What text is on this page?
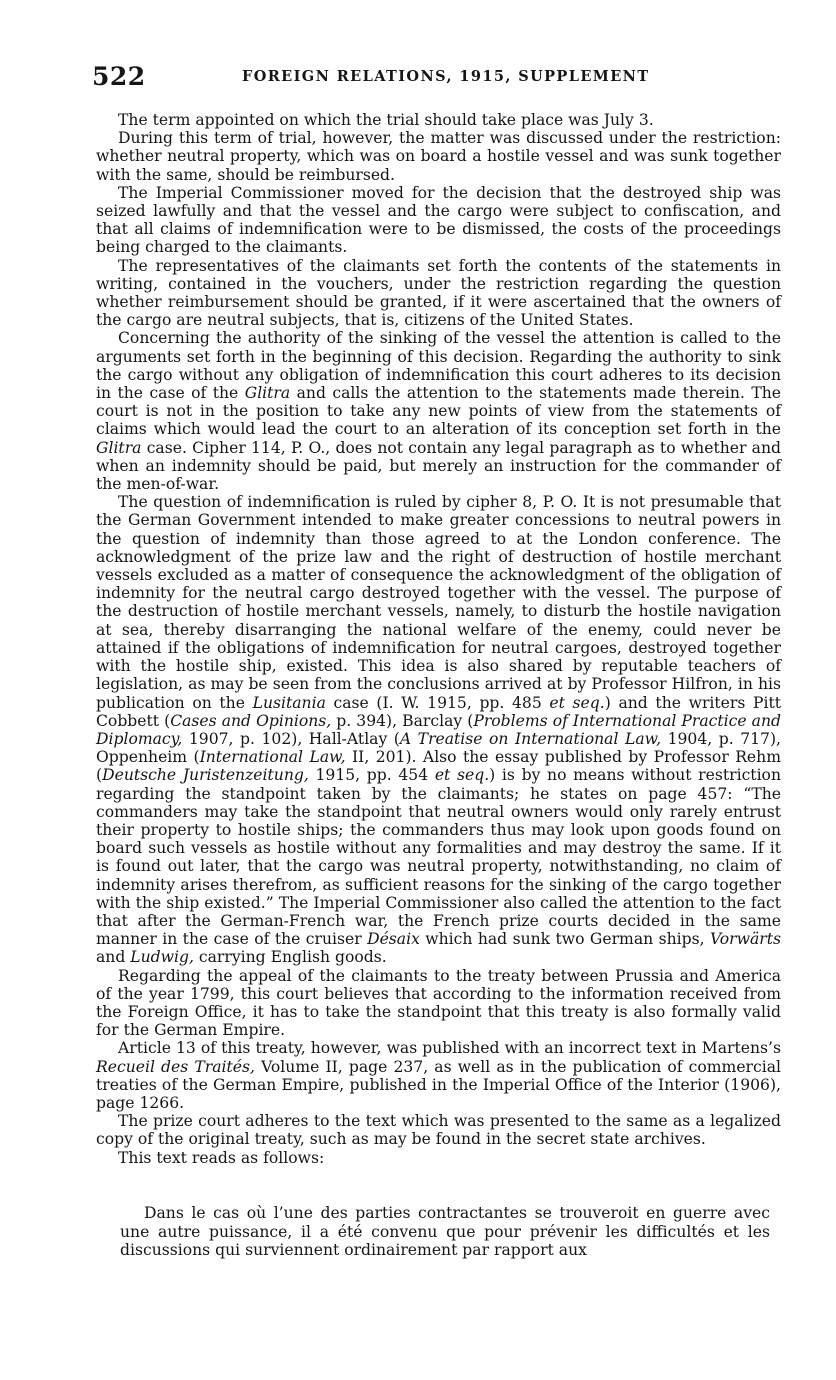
522	FOREIGN RELATIONS, 1915, SUPPLEMENT

The term appointed on which the trial should take place was July 3.

During this term of trial, however, the matter was discussed under the restriction: whether neutral property, which was on board a hostile vessel and was sunk together with the same, should be reimbursed.

The Imperial Commissioner moved for the decision that the destroyed ship was seized lawfully and that the vessel and the cargo were subject to confiscation, and that all claims of indemnification were to be dismissed, the costs of the proceedings being charged to the claimants.

The representatives of the claimants set forth the contents of the statements in writing, contained in the vouchers, under the restriction regarding the question whether reimbursement should be granted, if it were ascertained that the owners of the cargo are neutral subjects, that is, citizens of the United States.

Concerning the authority of the sinking of the vessel the attention is called to the arguments set forth in the beginning of this decision. Regarding the authority to sink the cargo without any obligation of indemnification this court adheres to its decision in the case of the Glitra and calls the attention to the statements made therein. The court is not in the position to take any new points of view from the statements of claims which would lead the court to an alteration of its conception set forth in the Glitra case. Cipher 114, P. O., does not contain any legal paragraph as to whether and when an indemnity should be paid, but merely an instruction for the commander of the men-of-war.

The question of indemnification is ruled by cipher 8, P. O. It is not presumable that the German Government intended to make greater concessions to neutral powers in the question of indemnity than those agreed to at the London conference. The acknowledgment of the prize law and the right of destruction of hostile merchant vessels excluded as a matter of consequence the acknowledgment of the obligation of indemnity for the neutral cargo destroyed together with the vessel. The purpose of the destruction of hostile merchant vessels, namely, to disturb the hostile navigation at sea, thereby disarranging the national welfare of the enemy, could never be attained if the obligations of indemnification for neutral cargoes, destroyed together with the hostile ship, existed. This idea is also shared by reputable teachers of legislation, as may be seen from the conclusions arrived at by Professor Hilfron, in his publication on the Lusitania case (I. W. 1915, pp. 485 et seq.) and the writers Pitt Cobbett (Cases and Opinions, p. 394), Barclay (Problems of International Practice and Diplomacy, 1907, p. 102), Hall-Atlay (A Treatise on International Law, 1904, p. 717), Oppenheim (International Law, II, 201). Also the essay published by Professor Rehm (Deutsche Juristenzeitung, 1915, pp. 454 et seq.) is by no means without restriction regarding the standpoint taken by the claimants; he states on page 457: “The commanders may take the standpoint that neutral owners would only rarely entrust their property to hostile ships; the commanders thus may look upon goods found on board such vessels as hostile without any formalities and may destroy the same. If it is found out later, that the cargo was neutral property, notwithstanding, no claim of indemnity arises therefrom, as sufficient reasons for the sinking of the cargo together with the ship existed.” The Imperial Commissioner also called the attention to the fact that after the German-French war, the French prize courts decided in the same manner in the case of the cruiser Désaix which had sunk two German ships, Vorwärts and Ludwig, carrying English goods.

Regarding the appeal of the claimants to the treaty between Prussia and America of the year 1799, this court believes that according to the information received from the Foreign Office, it has to take the standpoint that this treaty is also formally valid for the German Empire.

Article 13 of this treaty, however, was published with an incorrect text in Martens’s Recueil des Traités, Volume II, page 237, as well as in the publication of commercial treaties of the German Empire, published in the Imperial Office of the Interior (1906), page 1266.

The prize court adheres to the text which was presented to the same as a legalized copy of the original treaty, such as may be found in the secret state archives.

This text reads as follows:

Dans le cas où l’une des parties contractantes se trouveroit en guerre avec une autre puissance, il a été convenu que pour prévenir les difficultés et les discussions qui surviennent ordinairement par rapport aux
